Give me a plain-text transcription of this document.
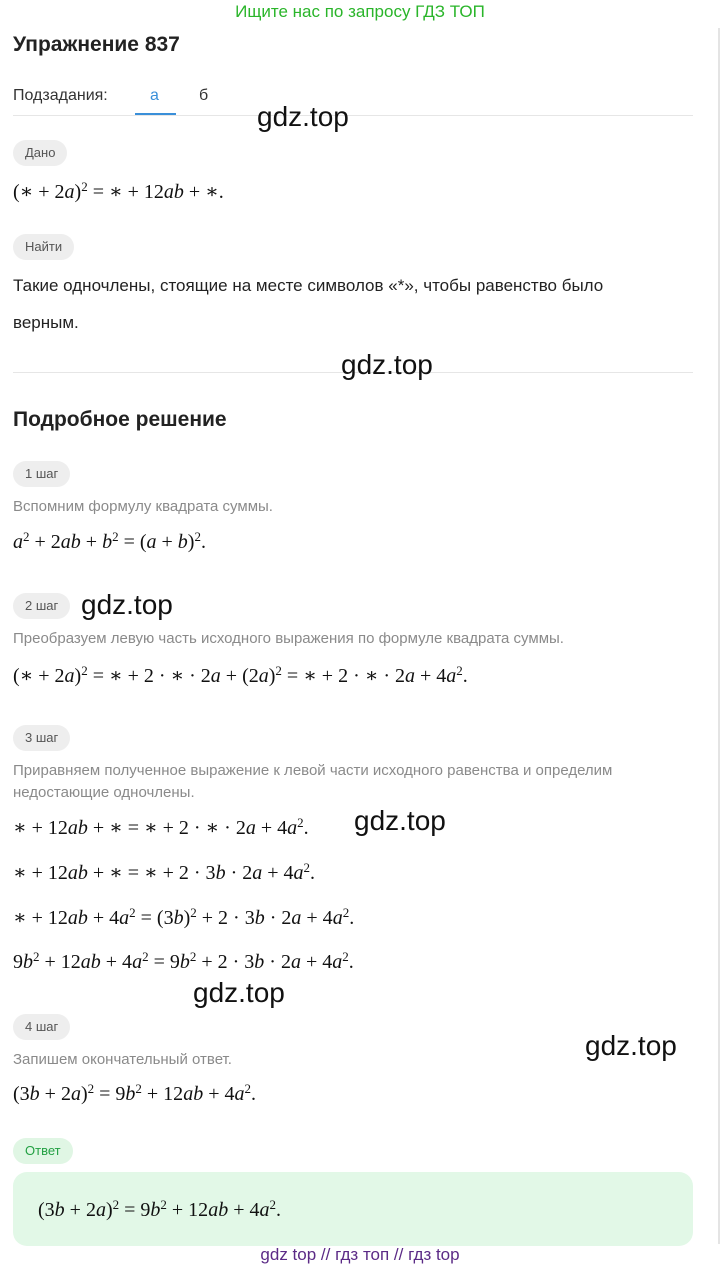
Ищите нас по запросу ГДЗ ТОП
Упражнение 837
Подзадания:	а	б
Дано
(∗ + 2a)$^2$ = ∗ + 12ab + ∗.
Найти
Такие одночлены, стоящие на месте символов «*», чтобы равенство было
верным.
Подробное решение
1 шаг
Вспомним формулу квадрата суммы.
$a^2 + 2ab + b^2 = (a + b)^2$.
2 шаг
Преобразуем левую часть исходного выражения по формуле квадрата суммы.
(∗ + 2a)$^2$ = ∗ + 2 · ∗ · $2a + (2a)^2$ = ∗ + 2 · ∗ · $2a + 4a^2$.
3 шаг
Приравняем полученное выражение к левой части исходного равенства и определим
недостающие одночлены.
∗ + 12ab + ∗ = ∗ + 2 · ∗ · $2a + 4a^2$.
∗ + 12ab + ∗ = ∗ + $2 \cdot 3b \cdot 2a + 4a^2$.
∗ + $12ab + 4a^2 = (3b)^2 + 2 \cdot 3b \cdot 2a + 4a^2$.
$9b^2 + 12ab + 4a^2 = 9b^2 + 2 \cdot 3b \cdot 2a + 4a^2$.
4 шаг
Запишем окончательный ответ.
$(3b + 2a)^2 = 9b^2 + 12ab + 4a^2$.
Ответ
$(3b + 2a)^2 = 9b^2 + 12ab + 4a^2$.
gdz.top
gdz.top
gdz.top
gdz.top
gdz.top
gdz.top
gdz top // гдз топ // гдз top
